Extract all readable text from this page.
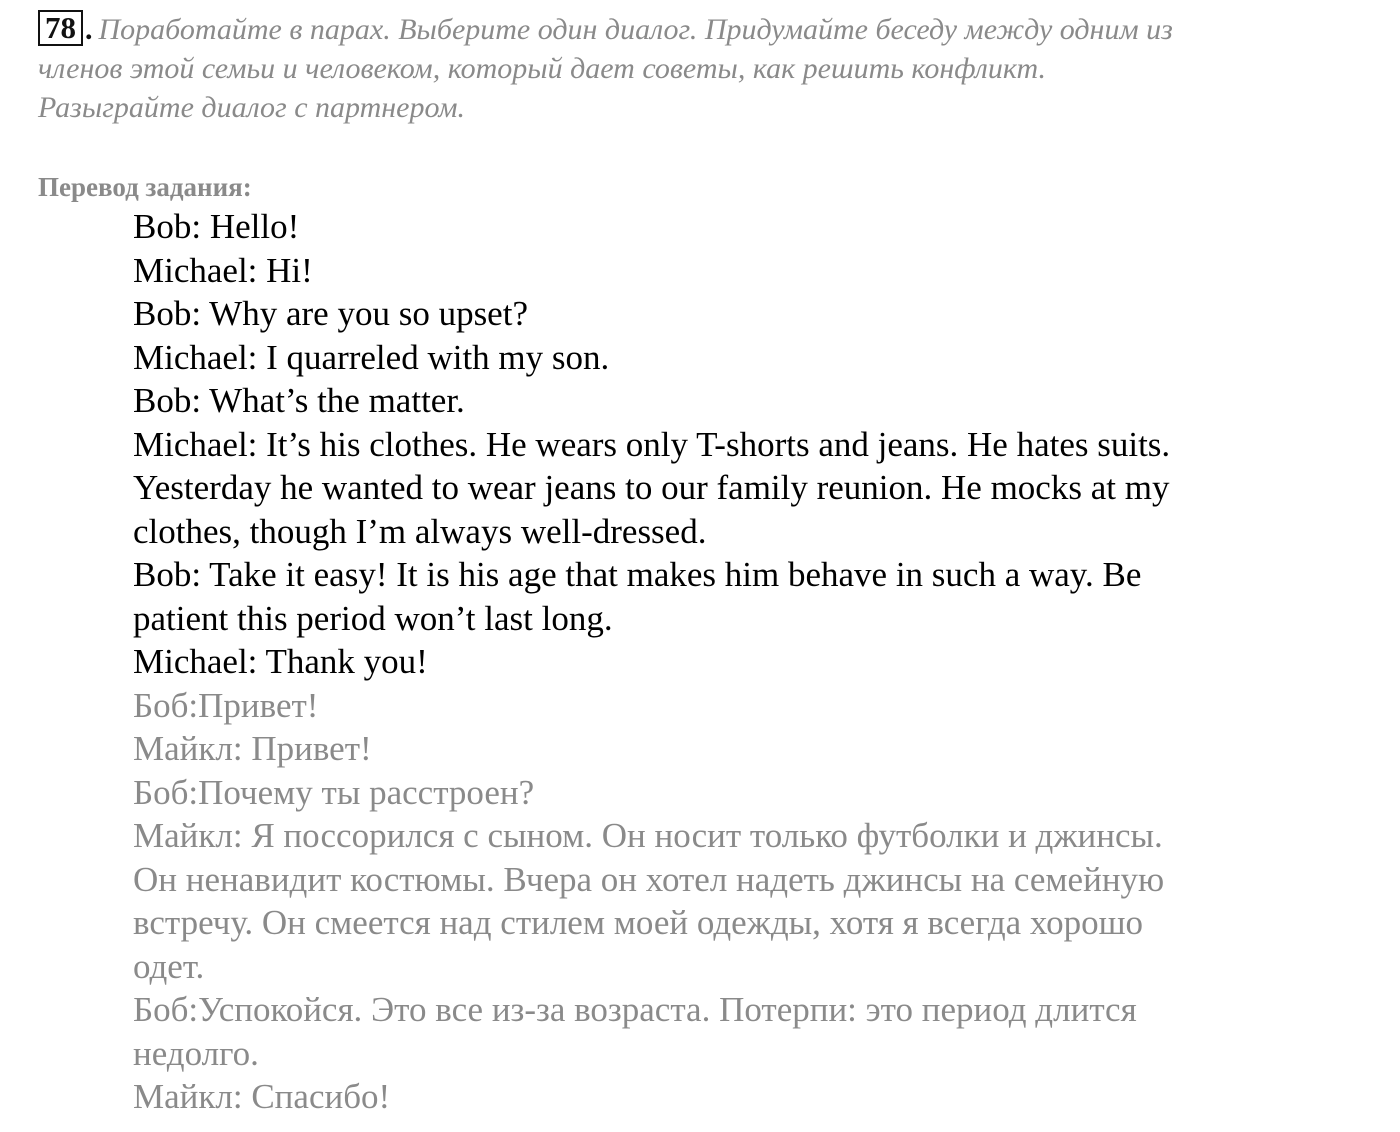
78 . Поработайте в парах. Выберите один диалог. Придумайте беседу между одним из
членов этой семьи и человеком, который дает советы, как решить конфликт.
Разыграйте диалог с партнером.
Перевод задания:
Bob: Hello!
Michael: Hi!
Bob: Why are you so upset?
Michael: I quarreled with my son.
Bob: What’s the matter.
Michael: It’s his clothes. He wears only T-shorts and jeans. He hates suits.
Yesterday he wanted to wear jeans to our family reunion. He mocks at my
clothes, though I’m always well-dressed.
Bob: Take it easy! It is his age that makes him behave in such a way. Be
patient this period won’t last long.
Michael: Thank you!
Боб:Привет!
Майкл: Привет!
Боб:Почему ты расстроен?
Майкл: Я поссорился с сыном. Он носит только футболки и джинсы.
Он ненавидит костюмы. Вчера он хотел надеть джинсы на семейную
встречу. Он смеется над стилем моей одежды, хотя я всегда хорошо
одет.
Боб:Успокойся. Это все из-за возраста. Потерпи: это период длится
недолго.
Майкл: Спасибо!
